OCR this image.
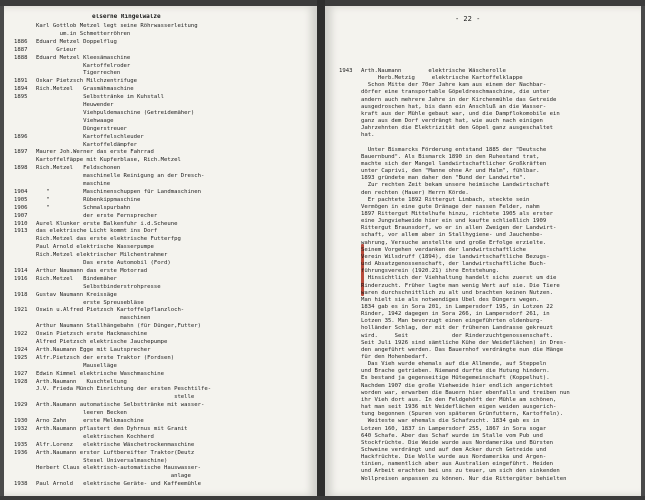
elserne Ringelwalze
Karl Gottlob Metzel legt seine Röhrwasserleitung
um.in Schmetterröhren
1886 Eduard Metzel Doppelflug
1887      Grieur
1888 Eduard Metzel Kleesämaschine
Kartoffelroder
Tigerrechen
1891 Oskar Pietzsch Milchzentrifuge
1894 Rich.Metzel   Grasmähmaschine
1895              Selbsttränke im Kuhstall
Heuwender
Viehpuldemaschine (Getreidemäher)
Viehwaage
Düngerstreuer
1896              Kartoffelschleuder
Kartoffeldämpfer
1897 Maurer Joh.Werner das erste Fahrrad
Kartoffelfäppe mit Kupferblase, Rich.Metzel
1898 Rich.Metzel   Feldschonen
maschinelle Reinigung an der Dresch-
maschine
1904   "          Maschinenschuppen für Landmaschinen
1905   "          Rübenkippmaschine
1906   "          Schmalspurbahn
1907              der erste Fernsprecher
1910 Aurel Klunker erste Balkenfuhr i.d.Scheune
1913 das elektrische Licht kommt ins Dorf
Rich.Metzel das erste elektrische Futterfpg
Paul Arnold elektrische Wasserpumpe
Rich.Metzel elektrischer Milchentrahmer
Das erste Automobil (Ford)
1914 Arthur Naumann das erste Motorrad
1916 Rich.Metzel   Bindemäher
Selbstbinderstrohpresse
1918 Gustav Naumann Kreissäge
erste Spreusebläse
1921 Oswin u.Alfred Pietzsch Kartoffelpflanzloch-
maschinen
Arthur Naumann Stallhängebahn (für Dünger,Futter)
1922 Oswin Pietzsch erste Hackmaschine
Alfred Pietzsch elektrische Jauchepumpe
1924 Arth.Naumann Egge mit Lautsprecher
1925 Alfr.Pietzsch der erste Traktor (Fordsen)
Mauselläge
1927 Edwin Kimmel elektrische Waschmaschine
1928 Arth.Naumann   Kuschteltung
J.V. Frieda Münch Einrichtung der ersten Peschtilfe-
stelle
1929 Arth.Naumann automatische Selbsttränke mit wasser-
leeren Becken
1930 Arno Zahn     erste Melkmaschine
1932 Arth.Naumann pflastert den Dyhrnus mit Granit
elektrischen Kochherd
1935 Alfr.Lorenz   elektrische Wäschetrockenmaschine
1936 Arth.Naumann erster Luftbereifter Traktor(Deutz
Stesel Universalmaschine)
Herbert Claus elektrisch-automatische Hauswasser-
anlage
1938 Paul Arnold   elektrische Geräte- und Kaffeemühle
- 22 -
1943 Arth.Naumann        elektrische Wäscherolle
Herb.Metzig     elektrische Kartoffelklappe
Schon Mitte der 70er Jahre kam aus einem der Nachbar-
dörfer eine transportable Göpeldreschmaschine, die unter
andern auch mehrere Jahre in der Kirchenmühle das Getreide
ausgedroschen hat, bis dann ein Anschluß an die Wasser-
kraft aus der Mühle gebaut war, und die Dampflokomobile ein
ganz aus dem Dorf verdrängt hat, wie auch nach einigen
Jahrzehnten die Elektrizität den Göpel ganz ausgeschaltet
hat.
Unter Bismarcks Förderung entstand 1885 der "Deutsche
Bauernbund". Als Bismarck 1890 in den Ruhestand trat,
machte sich der Mangel landwirtschaftlicher Großkräften
unter Caprivi, den "Manne ohne Ar und Halm", fühlbar.
1893 gründete man daher den "Bund der Landwirte".
Zur rechten Zeit bekam unsere heimische Landwirtschaft
den rechten (Hauer) Herrn Körde.
Er pachtete 1892 Rittergut Limbach, steckte sein
Vermögen in eine gute Dränage der nassen Felder, nahm
1897 Rittergut Mittelhufe hinzu, richtete 1905 als erster
eine Jungviehweide hier ein und kaufte schließlich 1909
Rittergut Braunsdorf, wo er in allen Zweigen der Landwirt-
schaft, vor allem aber in Stallhygiene- und Jauchenbe-
wahrung, Versuche anstellte und große Erfolge erzielte.
Seinem Vorgehen verdanken der landwirtschaftliche
Verein Wilsdruff (1894), die landwirtschaftliche Bezugs-
und Absatzgenossenschaft, der landwirtschaftliche Buch-
führungsverein (1920.21) ihre Entstehung.
Hinsichtlich der Viehhaltung handelt sichs zuerst um die
Rinderzucht. Früher lagte man wenig Wert auf sie. Die Tiere
waren durchschnittlich zu alt und brachten keinen Nutzen.
Man hielt sie als notwendiges Übel des Düngers wegen.
1834 gab es in Sora 201, in Lampersdorf 195, in Lotzen 22
Rinder, 1942 dagegen in Sora 266, in Lampersdorf 261, in
Lotzen 35. Man bevorzugt einen eingeführten oldenburg-
holländer Schlag, der mit der früheren Landrasse gekreuzt
wird.     Seit             der Rinderzuchtgenossenschaft.
Seit Juli 1926 sind sämtliche Kühe der Weideflächen) in Dres-
den angeführt werden. Das Bauernhof verdrängte nun die Hänge
für den Hohenbedarf.
Das Vieh wurde ehemals auf die Allmende, auf Steppeln
und Brache getrieben. Niemand durfte die Hutung hindern.
Es bestand ja gegenseitige Hütegemeinschaft (Koppelhut).
Nachdem 1907 die große Viehweide hier endlich angerichtet
worden war, erwarben die Bauern hier ebenfalls und treiben nun
ihr Vieh dort aus. In den Feldgehöft der Mühle am schönen,
hat man seit 1936 mit Weideflächen eigen weiden ausgerich-
tung begonnen (Spuren von späteren Grünfuttern, Kartoffeln).
Weiteste war ehemals die Schafzucht. 1834 gab es in
Lotzen 160, 1837 in Lampersdorf 255, 1867 in Sora sogar
640 Schafe. Aber das Schaf wurde im Stalle vom Pub und
Stockfrüchte. Die Weide wurde aus Nordamerika und Bürsten
Schweine verdrängt und auf dem Acker durch Getreide und
Hackfrüchte. Die Wolle wurde aus Nordamerika und Argen-
tinien, namentlich aber aus Australien eingeführt. Heiden
und Arbeit erachten bei uns zu teuer, um sich den sinkenden
Wollpreisen anpassen zu können. Nur die Rittergüter behielten
